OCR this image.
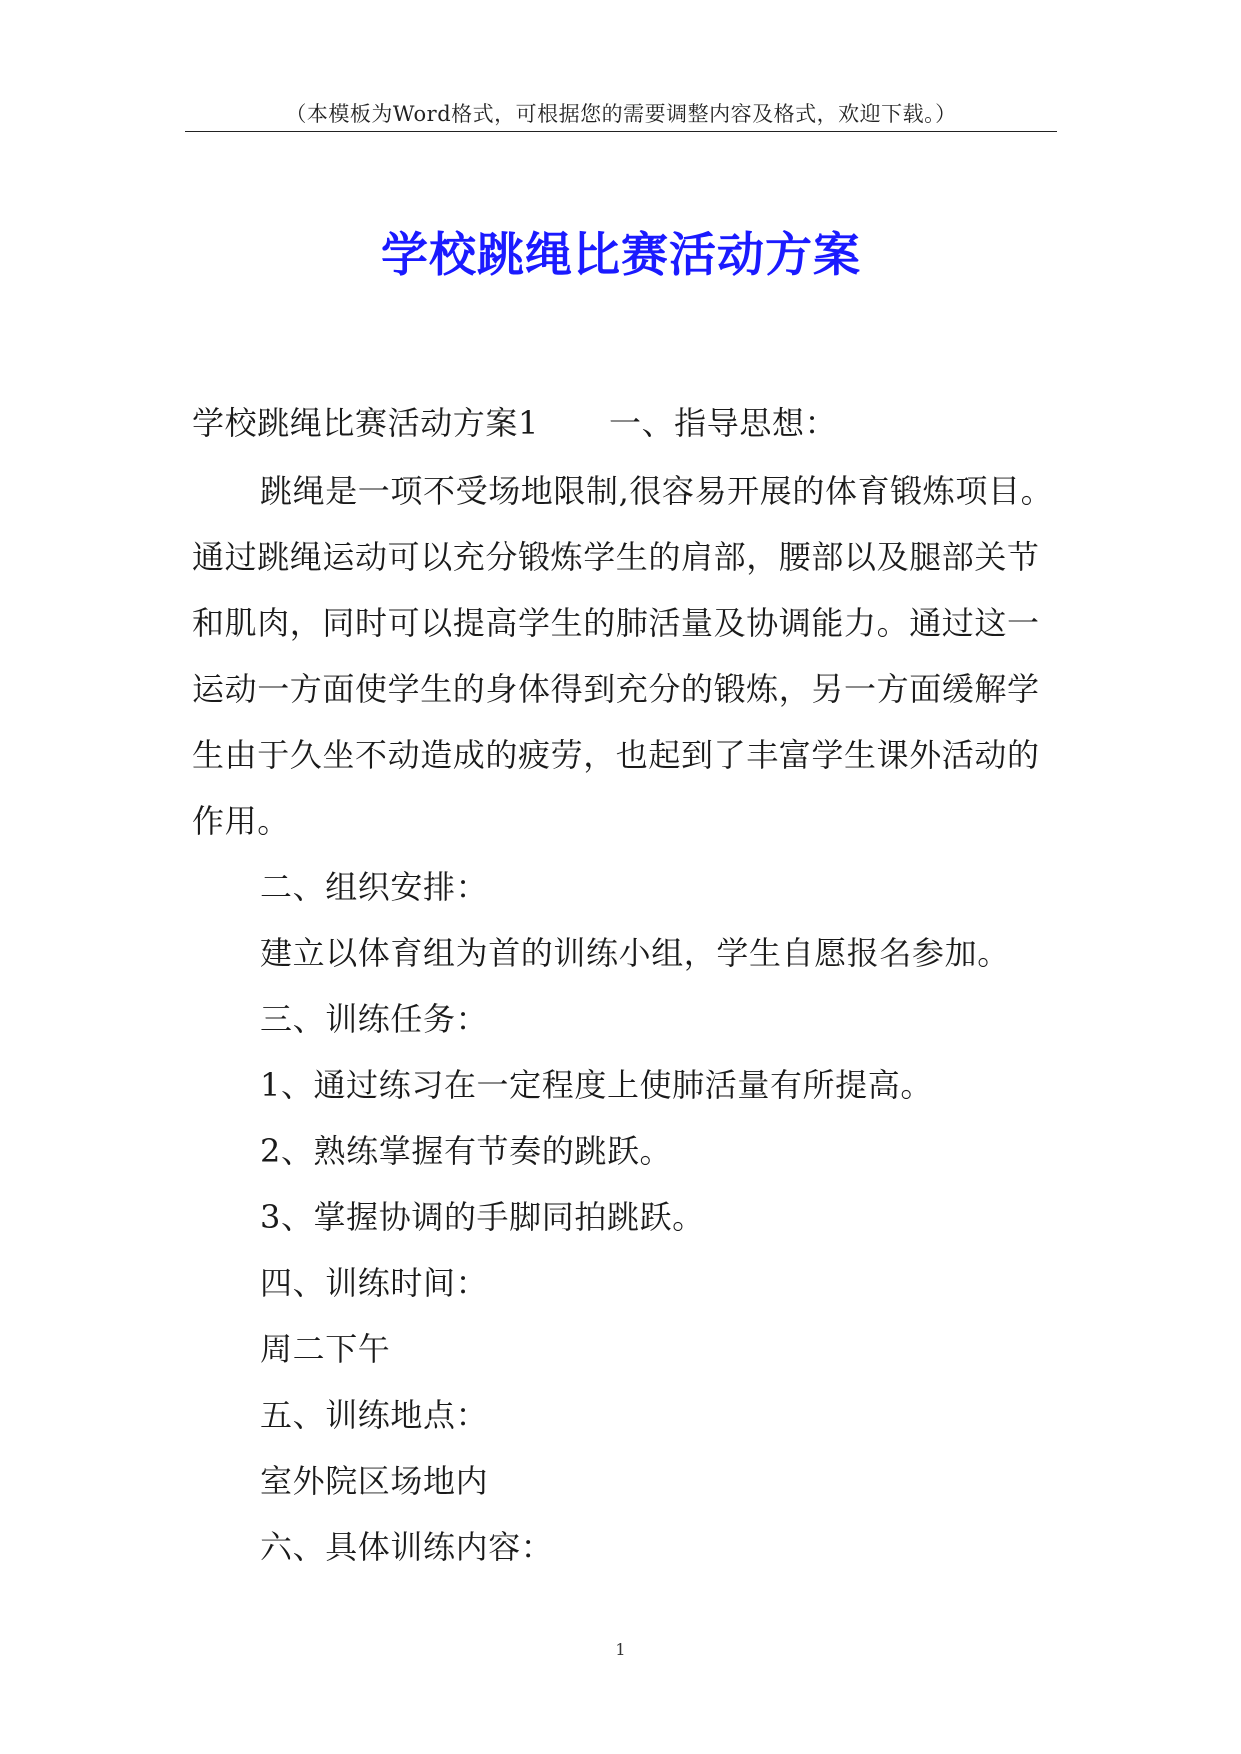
（本模板为Word格式，可根据您的需要调整内容及格式，欢迎下载。）
学校跳绳比赛活动方案
学校跳绳比赛活动方案1 一、指导思想：
跳绳是一项不受场地限制,很容易开展的体育锻炼项目。
通过跳绳运动可以充分锻炼学生的肩部，腰部以及腿部关节
和肌肉，同时可以提高学生的肺活量及协调能力。通过这一
运动一方面使学生的身体得到充分的锻炼，另一方面缓解学
生由于久坐不动造成的疲劳，也起到了丰富学生课外活动的
作用。
二、组织安排：
建立以体育组为首的训练小组，学生自愿报名参加。
三、训练任务：
1、通过练习在一定程度上使肺活量有所提高。
2、熟练掌握有节奏的跳跃。
3、掌握协调的手脚同拍跳跃。
四、训练时间：
周二下午
五、训练地点：
室外院区场地内
六、具体训练内容：
1
